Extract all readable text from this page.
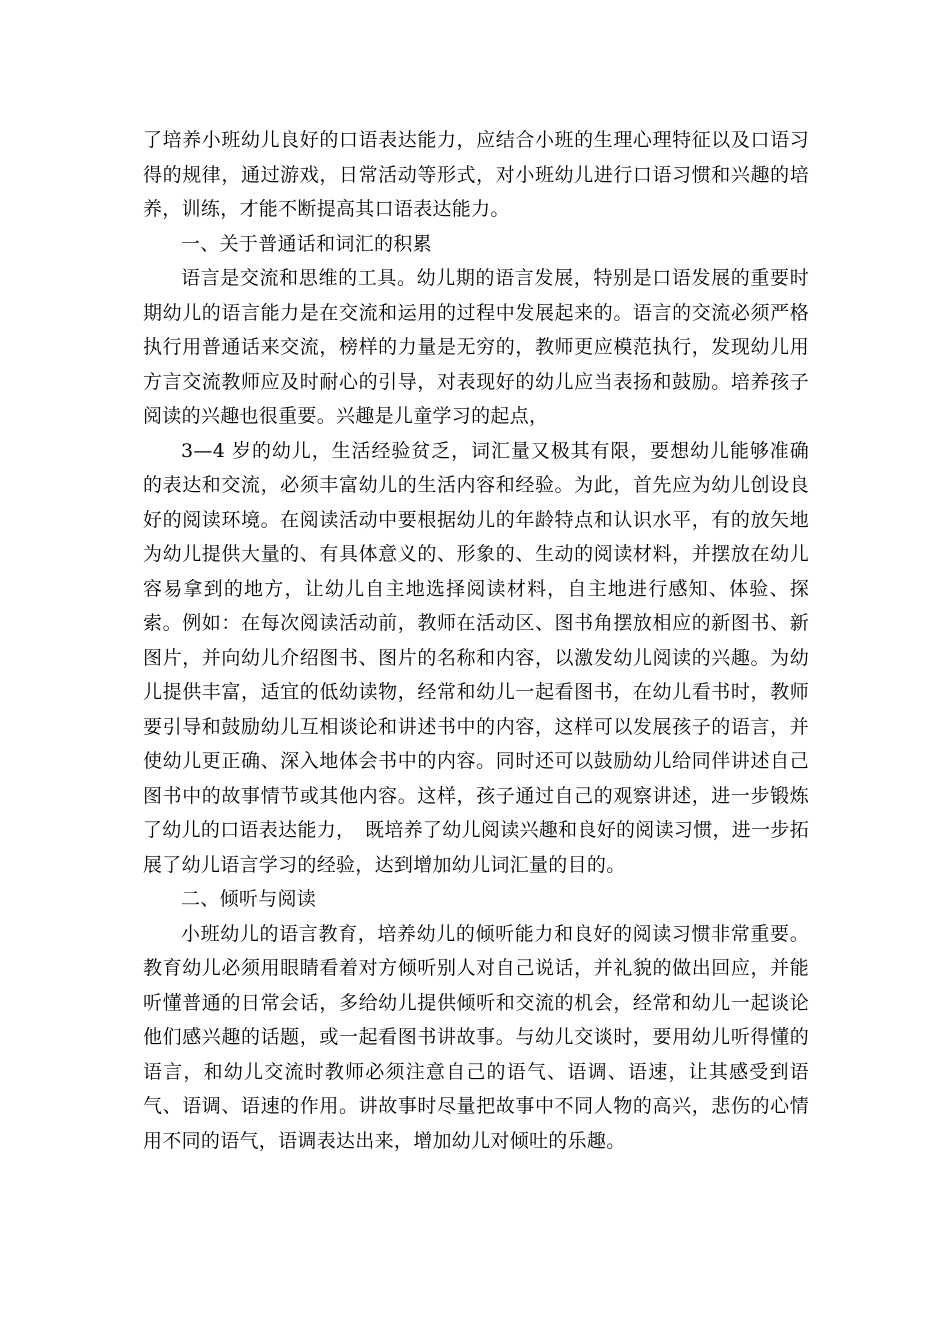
了培养小班幼儿良好的口语表达能力，应结合小班的生理心理特征以及口语习得的规律，通过游戏，日常活动等形式，对小班幼儿进行口语习惯和兴趣的培养，训练，才能不断提高其口语表达能力。

一、关于普通话和词汇的积累

语言是交流和思维的工具。幼儿期的语言发展，特别是口语发展的重要时期幼儿的语言能力是在交流和运用的过程中发展起来的。语言的交流必须严格执行用普通话来交流，榜样的力量是无穷的，教师更应模范执行，发现幼儿用方言交流教师应及时耐心的引导，对表现好的幼儿应当表扬和鼓励。培养孩子阅读的兴趣也很重要。兴趣是儿童学习的起点，

3—4 岁的幼儿，生活经验贫乏，词汇量又极其有限，要想幼儿能够准确的表达和交流，必须丰富幼儿的生活内容和经验。为此，首先应为幼儿创设良好的阅读环境。在阅读活动中要根据幼儿的年龄特点和认识水平，有的放矢地为幼儿提供大量的、有具体意义的、形象的、生动的阅读材料，并摆放在幼儿容易拿到的地方，让幼儿自主地选择阅读材料，自主地进行感知、体验、探索。例如：在每次阅读活动前，教师在活动区、图书角摆放相应的新图书、新图片，并向幼儿介绍图书、图片的名称和内容，以激发幼儿阅读的兴趣。为幼儿提供丰富，适宜的低幼读物，经常和幼儿一起看图书，在幼儿看书时，教师要引导和鼓励幼儿互相谈论和讲述书中的内容，这样可以发展孩子的语言，并使幼儿更正确、深入地体会书中的内容。同时还可以鼓励幼儿给同伴讲述自己图书中的故事情节或其他内容。这样，孩子通过自己的观察讲述，进一步锻炼了幼儿的口语表达能力，　既培养了幼儿阅读兴趣和良好的阅读习惯，进一步拓展了幼儿语言学习的经验，达到增加幼儿词汇量的目的。

二、倾听与阅读

小班幼儿的语言教育，培养幼儿的倾听能力和良好的阅读习惯非常重要。教育幼儿必须用眼睛看着对方倾听别人对自己说话，并礼貌的做出回应，并能听懂普通的日常会话，多给幼儿提供倾听和交流的机会，经常和幼儿一起谈论他们感兴趣的话题，或一起看图书讲故事。与幼儿交谈时，要用幼儿听得懂的语言，和幼儿交流时教师必须注意自己的语气、语调、语速，让其感受到语气、语调、语速的作用。讲故事时尽量把故事中不同人物的高兴，悲伤的心情用不同的语气，语调表达出来，增加幼儿对倾吐的乐趣。
